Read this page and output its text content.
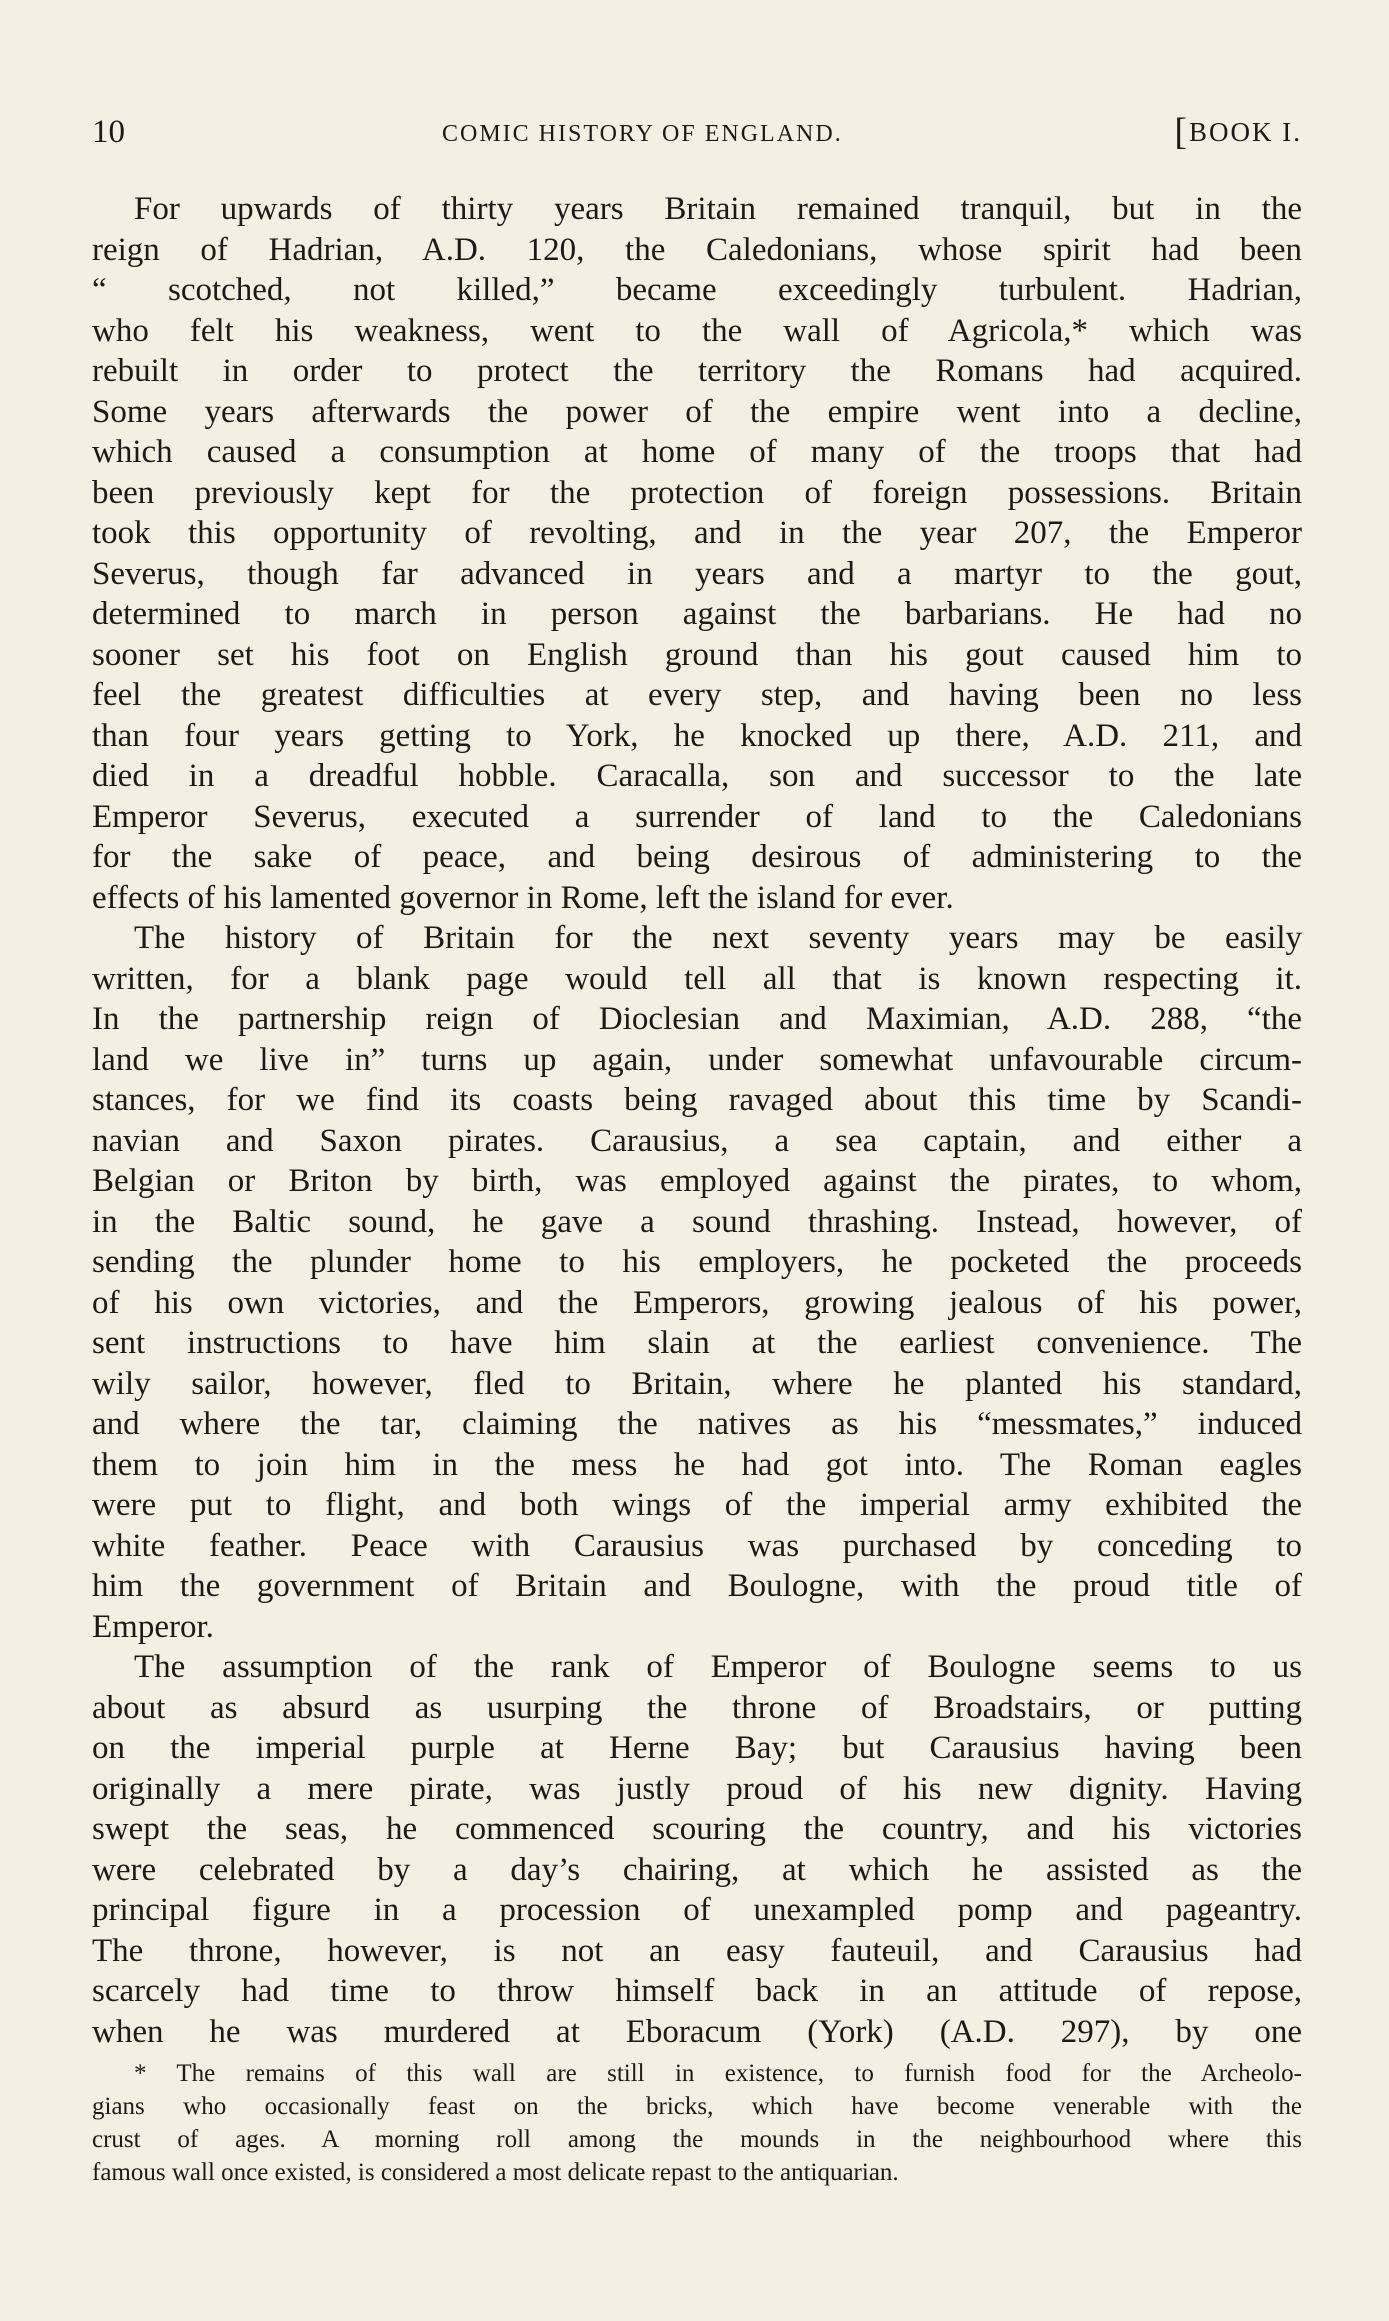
10	COMIC HISTORY OF ENGLAND.	[BOOK I.
For upwards of thirty years Britain remained tranquil, but in the
reign of Hadrian, A.D. 120, the Caledonians, whose spirit had been
“ scotched, not killed,” became exceedingly turbulent. Hadrian,
who felt his weakness, went to the wall of Agricola,* which was
rebuilt in order to protect the territory the Romans had acquired.
Some years afterwards the power of the empire went into a decline,
which caused a consumption at home of many of the troops that had
been previously kept for the protection of foreign possessions. Britain
took this opportunity of revolting, and in the year 207, the Emperor
Severus, though far advanced in years and a martyr to the gout,
determined to march in person against the barbarians. He had no
sooner set his foot on English ground than his gout caused him to
feel the greatest difficulties at every step, and having been no less
than four years getting to York, he knocked up there, A.D. 211, and
died in a dreadful hobble. Caracalla, son and successor to the late
Emperor Severus, executed a surrender of land to the Caledonians
for the sake of peace, and being desirous of administering to the
effects of his lamented governor in Rome, left the island for ever.
The history of Britain for the next seventy years may be easily
written, for a blank page would tell all that is known respecting it.
In the partnership reign of Dioclesian and Maximian, A.D. 288, “the
land we live in” turns up again, under somewhat unfavourable circum-
stances, for we find its coasts being ravaged about this time by Scandi-
navian and Saxon pirates. Carausius, a sea captain, and either a
Belgian or Briton by birth, was employed against the pirates, to whom,
in the Baltic sound, he gave a sound thrashing. Instead, however, of
sending the plunder home to his employers, he pocketed the proceeds
of his own victories, and the Emperors, growing jealous of his power,
sent instructions to have him slain at the earliest convenience. The
wily sailor, however, fled to Britain, where he planted his standard,
and where the tar, claiming the natives as his “messmates,” induced
them to join him in the mess he had got into. The Roman eagles
were put to flight, and both wings of the imperial army exhibited the
white feather. Peace with Carausius was purchased by conceding to
him the government of Britain and Boulogne, with the proud title of
Emperor.
The assumption of the rank of Emperor of Boulogne seems to us
about as absurd as usurping the throne of Broadstairs, or putting
on the imperial purple at Herne Bay; but Carausius having been
originally a mere pirate, was justly proud of his new dignity. Having
swept the seas, he commenced scouring the country, and his victories
were celebrated by a day’s chairing, at which he assisted as the
principal figure in a procession of unexampled pomp and pageantry.
The throne, however, is not an easy fauteuil, and Carausius had
scarcely had time to throw himself back in an attitude of repose,
when he was murdered at Eboracum (York) (A.D. 297), by one
* The remains of this wall are still in existence, to furnish food for the Archeolo-
gians who occasionally feast on the bricks, which have become venerable with the
crust of ages. A morning roll among the mounds in the neighbourhood where this
famous wall once existed, is considered a most delicate repast to the antiquarian.
